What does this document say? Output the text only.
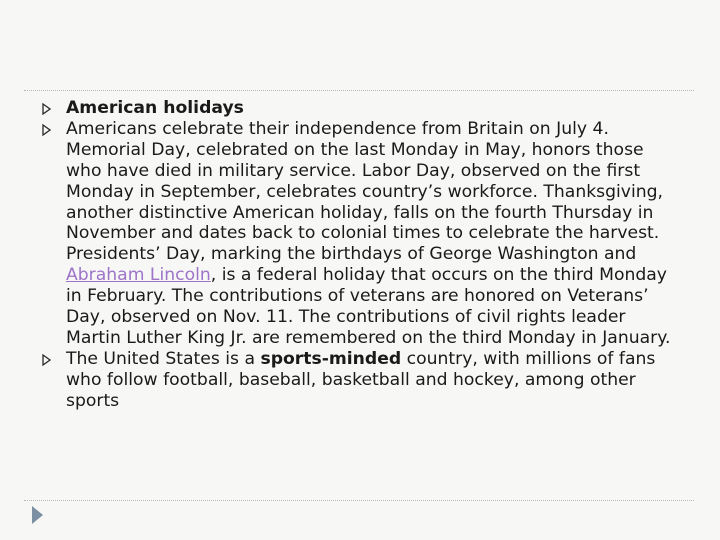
American holidays
Americans celebrate their independence from Britain on July 4. Memorial Day, celebrated on the last Monday in May, honors those who have died in military service. Labor Day, observed on the first Monday in September, celebrates country’s workforce. Thanksgiving, another distinctive American holiday, falls on the fourth Thursday in November and dates back to colonial times to celebrate the harvest. Presidents’ Day, marking the birthdays of George Washington and Abraham Lincoln, is a federal holiday that occurs on the third Monday in February. The contributions of veterans are honored on Veterans’ Day, observed on Nov. 11. The contributions of civil rights leader Martin Luther King Jr. are remembered on the third Monday in January.
The United States is a sports-minded country, with millions of fans who follow football, baseball, basketball and hockey, among other sports
